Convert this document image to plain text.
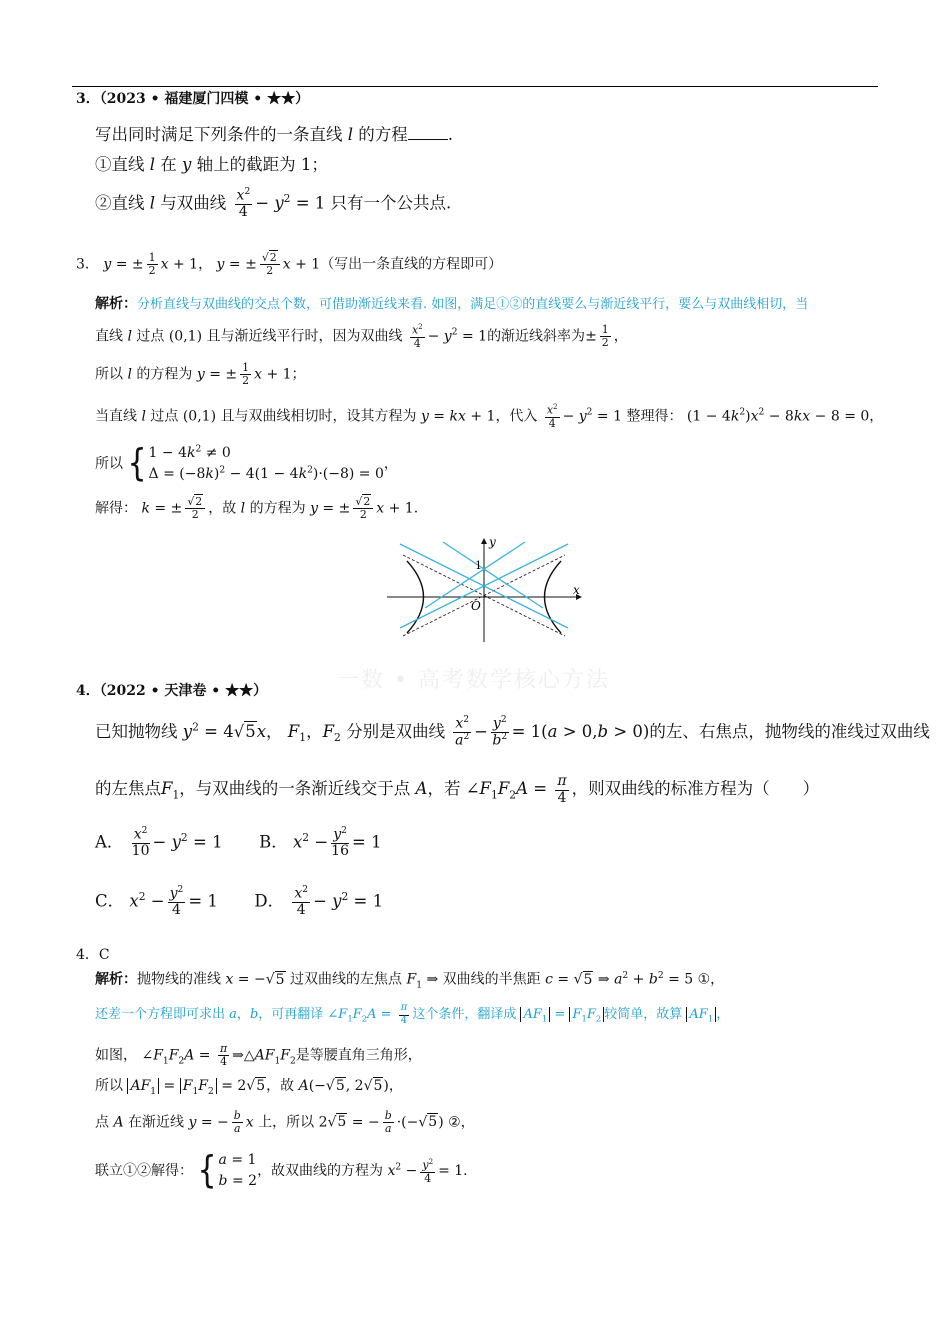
3．（2023 • 福建厦门四模 • ★★）
写出同时满足下列条件的一条直线 l 的方程 .
①直线 l 在 y 轴上的截距为 1；
②直线 l 与双曲线 $\frac{x^2}{4} - y^2 = 1$ 只有一个公共点.
3． y = ± $\frac{1}{2}$ x + 1， y = ± $\frac{√2}{2}$ x + 1（写出一条直线的方程即可）
解析：分析直线与双曲线的交点个数，可借助渐近线来看. 如图，满足①②的直线要么与渐近线平行，要么与双曲线相切，当
直线 l 过点 (0,1) 且与渐近线平行时，因为双曲线 $\frac{x^2}{4} - y^2 = 1$的渐近线斜率为± $\frac{1}{2}$ ，
所以 l 的方程为 y = ± $\frac{1}{2}$ x + 1；
当直线 l 过点 (0,1) 且与双曲线相切时，设其方程为 y = kx + 1，代入 $\frac{x^2}{4} - y^2 = 1$ 整理得： $(1 - 4k^2)x^2 - 8kx - 8 = 0$，
所以 { $1 - 4k^2 \ne 0$
$\Delta = (-8k)^2 - 4(1 - 4k^2)\cdot(-8) = 0$
，
解得： k = ± $\frac{√2}{2}$ ，故 l 的方程为 y = ± $\frac{√2}{2}$ x + 1.
x
y
O
1
一数 • 高考数学核心方法
4．（2022 • 天津卷 • ★★）
已知抛物线 $y^2 = 4√5x$， $F_1$，$F_2$ 分别是双曲线 $\frac{x^2}{a^2} - \frac{y^2}{b^2} = 1(a > 0,b > 0)$的左、右焦点，抛物线的准线过双曲线
的左焦点$F_1$，与双曲线的一条渐近线交于点 A，若 $\angle F_1F_2A = \frac{\pi}{4}$ ，则双曲线的标准方程为（　　）
A． $\frac{x^2}{10} - y^2 = 1$  B． $x^2 - \frac{y^2}{16} = 1$
C． $x^2 - \frac{y^2}{4} = 1$  D． $\frac{x^2}{4} - y^2 = 1$
4．C
解析：抛物线的准线 x = −√5 过双曲线的左焦点 $F_1$ ⇒ 双曲线的半焦距 c = √5 ⇒ $a^2 + b^2 = 5$ ①，
还差一个方程即可求出 a，b，可再翻译 $\angle F_1F_2A = \frac{\pi}{4}$ 这个条件，翻译成 $AF_1 = F_1F_2$ 较简单，故算 $AF_1$ ，
如图， $\angle F_1F_2A = \frac{\pi}{4}$ $\Rightarrow\triangle AF_1F_2$是等腰直角三角形，
所以 $AF_1 = F_1F_2 = 2√5$，故 A(−√5, 2√5)，
点 A 在渐近线 y = − $\frac{b}{a}$ x 上，所以 2√5 = − $\frac{b}{a} \cdot(-√5)$ ②，
联立①②解得： { a = 1
b = 2
，故双曲线的方程为 $x^2 - \frac{y^2}{4} = 1$.
